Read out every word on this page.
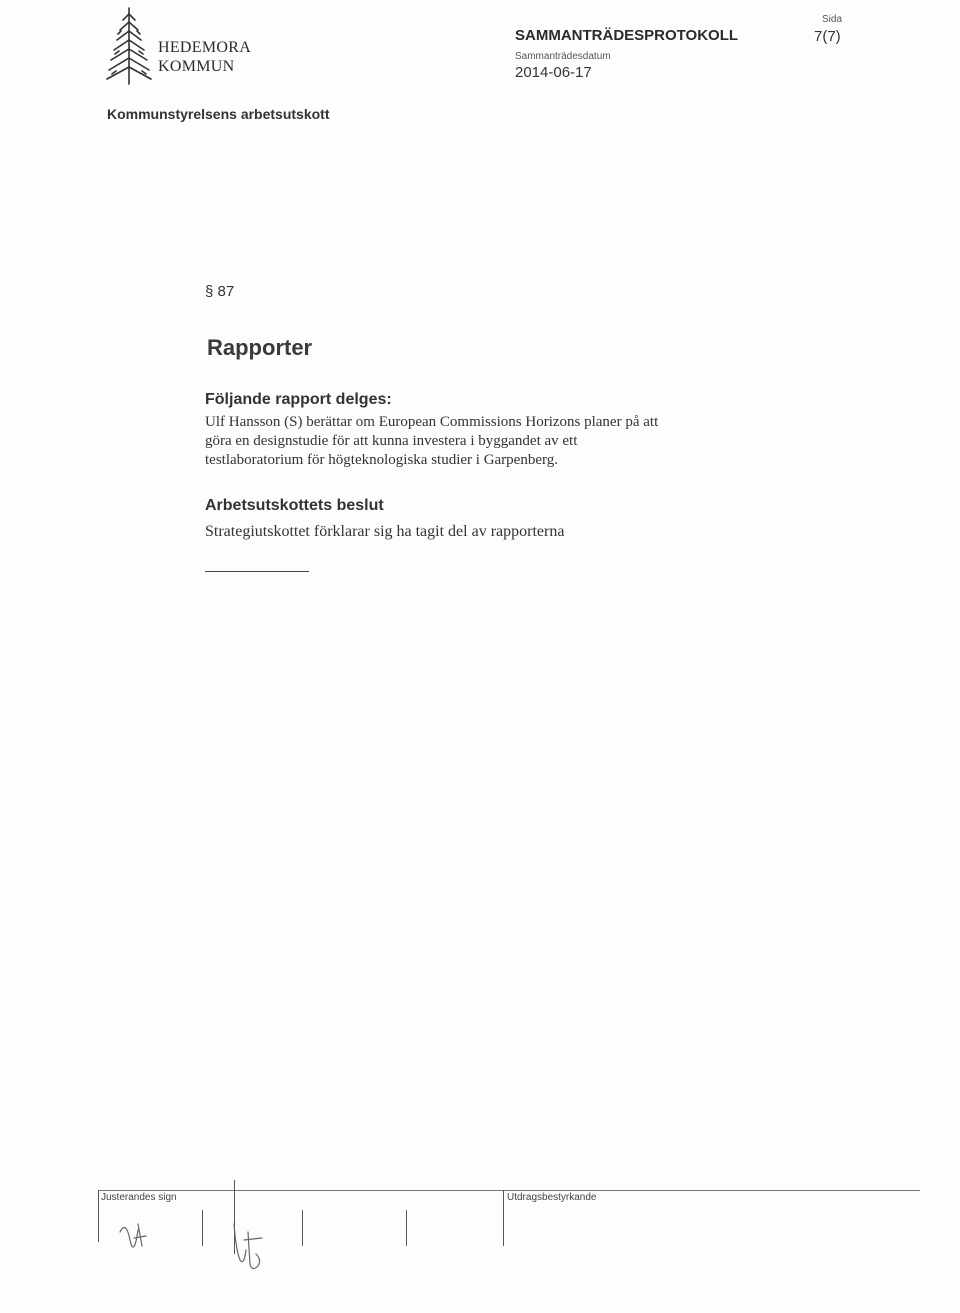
HEDEMORA
KOMMUN
SAMMANTRÄDESPROTOKOLL
Sammanträdesdatum
2014-06-17
Sida
7(7)
Kommunstyrelsens arbetsutskott
§ 87
Rapporter
Följande rapport delges:
Ulf Hansson (S) berättar om European Commissions Horizons planer på att
göra en designstudie för att kunna investera i byggandet av ett
testlaboratorium för högteknologiska studier i Garpenberg.
Arbetsutskottets beslut
Strategiutskottet förklarar sig ha tagit del av rapporterna
Justerandes sign	Utdragsbestyrkande
